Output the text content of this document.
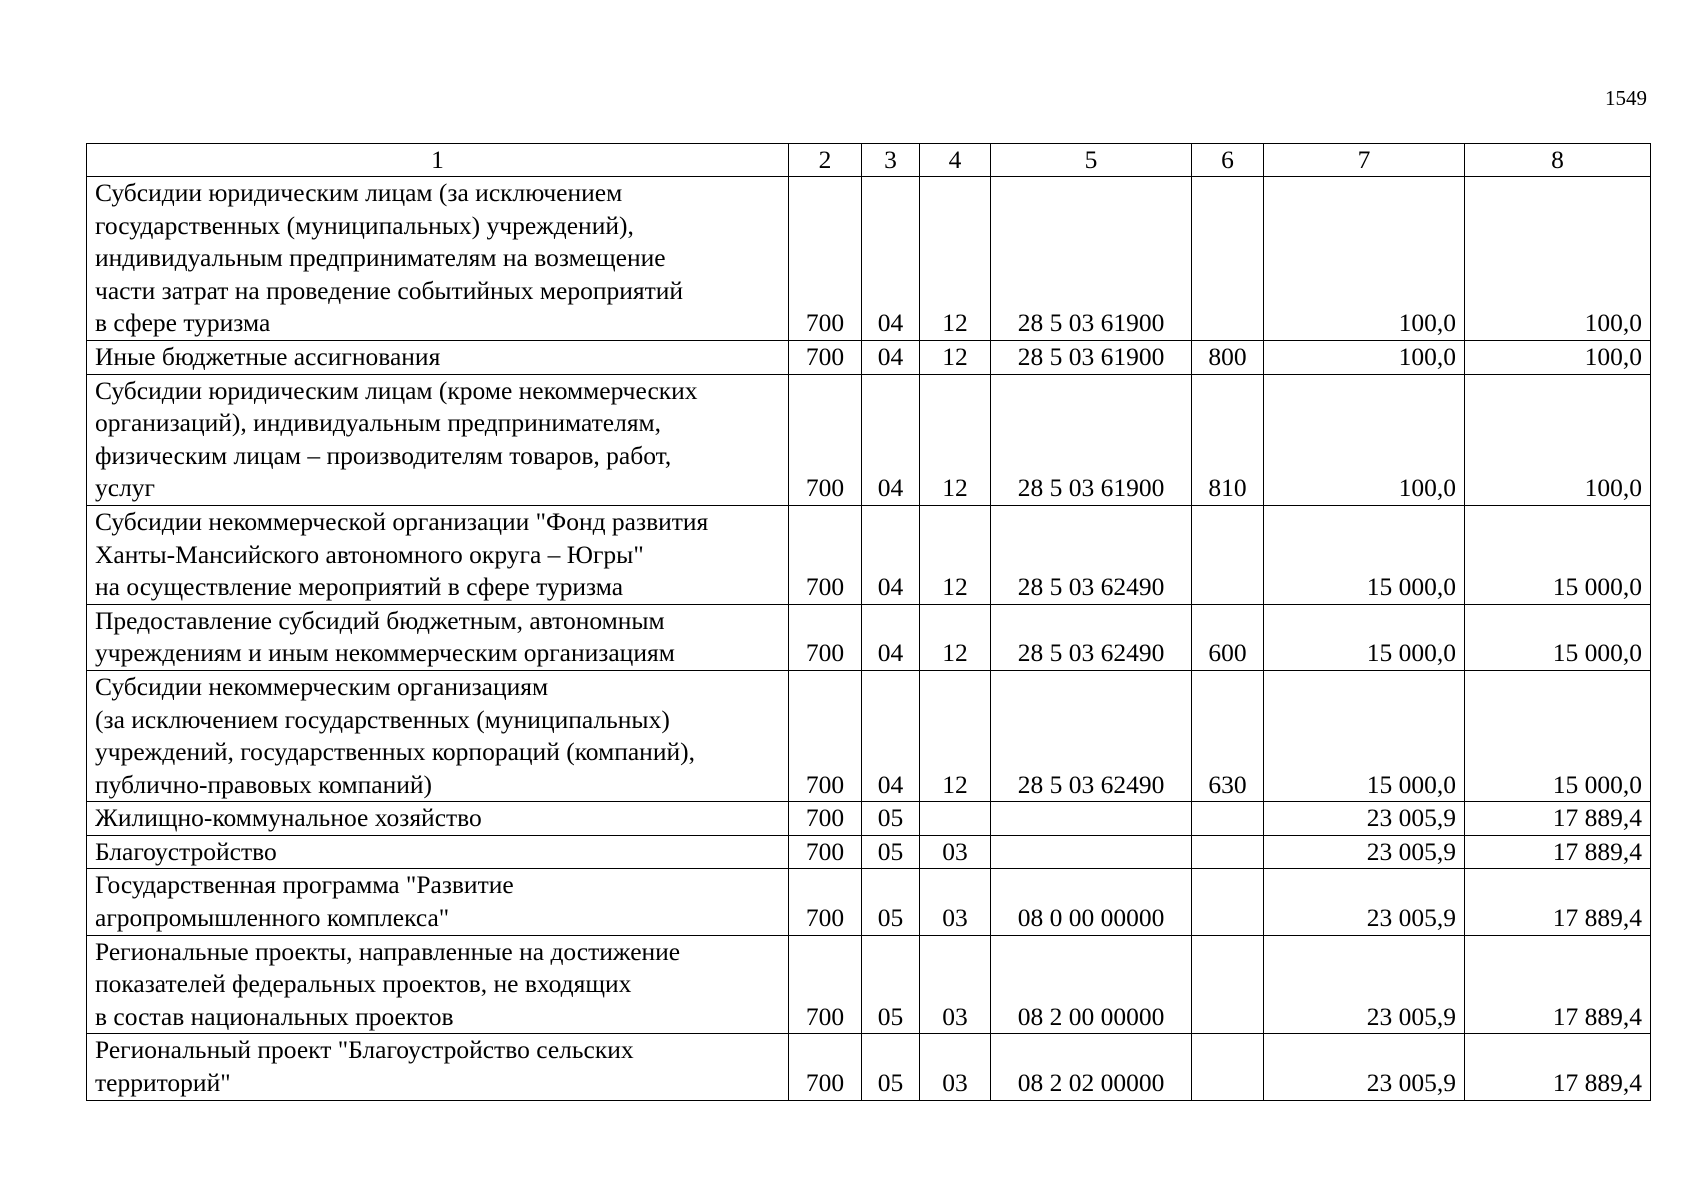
1549
1	2	3	4	5	6	7	8
Субсидии юридическим лицам (за исключением
государственных (муниципальных) учреждений),
индивидуальным предпринимателям на возмещение
части затрат на проведение событийных мероприятий
в сфере туризма	700	04	12	28 5 03 61900		100,0	100,0
Иные бюджетные ассигнования	700	04	12	28 5 03 61900	800	100,0	100,0
Субсидии юридическим лицам (кроме некоммерческих
организаций), индивидуальным предпринимателям,
физическим лицам – производителям товаров, работ,
услуг	700	04	12	28 5 03 61900	810	100,0	100,0
Субсидии некоммерческой организации "Фонд развития
Ханты-Мансийского автономного округа – Югры"
на осуществление мероприятий в сфере туризма	700	04	12	28 5 03 62490		15 000,0	15 000,0
Предоставление субсидий бюджетным, автономным
учреждениям и иным некоммерческим организациям	700	04	12	28 5 03 62490	600	15 000,0	15 000,0
Субсидии некоммерческим организациям
(за исключением государственных (муниципальных)
учреждений, государственных корпораций (компаний),
публично-правовых компаний)	700	04	12	28 5 03 62490	630	15 000,0	15 000,0
Жилищно-коммунальное хозяйство	700	05				23 005,9	17 889,4
Благоустройство	700	05	03			23 005,9	17 889,4
Государственная программа "Развитие
агропромышленного комплекса"	700	05	03	08 0 00 00000		23 005,9	17 889,4
Региональные проекты, направленные на достижение
показателей федеральных проектов, не входящих
в состав национальных проектов	700	05	03	08 2 00 00000		23 005,9	17 889,4
Региональный проект "Благоустройство сельских
территорий"	700	05	03	08 2 02 00000		23 005,9	17 889,4
